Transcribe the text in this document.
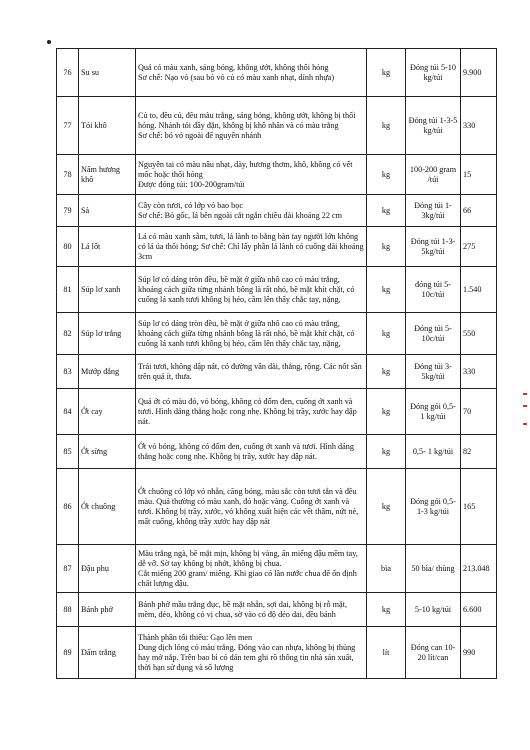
76	Su su	Quả có màu xanh, sáng bóng, không ướt, không thối hỏng
Sơ chế: Nạo vỏ (sau bỏ vỏ củ có màu xanh nhạt, dính nhựa)	kg	Đóng túi 5-10 kg/túi	9.900
77	Tỏi khô	Củ to, đều củ, đều màu trắng, sáng bóng, không ướt, không bị thối hỏng. Nhánh tỏi đầy đặn, không bị khô nhăn và có màu trắng
Sơ chế: bó vỏ ngoài để nguyên nhánh	kg	Đóng túi 1-3-5 kg/túi	330
78	Nấm hương khô	Nguyên tai có màu nâu nhạt, dày, hương thơm, khô, không có vết mốc hoặc thối hỏng
Được đóng túi: 100-200gram/túi	kg	100-200 gram /túi	15
79	Sả	Cây còn tươi, có lớp vỏ bao bọc
Sơ chế: Bỏ gốc, lá bên ngoài cắt ngắn chiều dài khoảng 22 cm	kg	Đóng túi 1-3kg/túi	66
80	Lá lốt	Lá có màu xanh sẫm, tươi, lá lành to bằng bàn tay người lớn không có lá úa thối hỏng; Sơ chế: Chỉ lấy phần lá lành có cuống dài khoảng 3cm	kg	Đóng túi 1-3-5kg/túi	275
81	Súp lơ xanh	Súp lơ có dáng tròn đều, bề mặt ở giữa nhô cao có màu trắng, khoảng cách giữa từng nhánh bông là rất nhỏ, bề mặt khít chặt, có cuống lá xanh tươi không bị héo, cầm lên thấy chắc tay, nặng,	kg	đóng túi 5-10c/túi	1.540
82	Súp lơ trắng	Súp lơ có dáng tròn đều, bề mặt ở giữa nhô cao có màu trắng, khoảng cách giữa từng nhánh bông là rất nhỏ, bề mặt khít chặt, có cuống lá xanh tươi không bị héo, cầm lên thấy chắc tay, nặng,	kg	Đóng túi 5-10c/túi	550
83	Mướp đắng	Trái tươi, không dập nát, có đường vân dài, thẳng, rộng. Các nốt sần trên quả ít, thưa.	kg	Đóng túi 3-5kg/túi	330
84	Ớt cay	Quả ớt có màu đỏ, vỏ bóng, không có đốm đen, cuống ớt xanh và tươi. Hình dáng thẳng hoặc cong nhẹ. Không bị trầy, xước hay dập nát.	kg	Đóng gói 0,5- 1 kg/túi	70
85	Ớt sừng	Ớt vỏ bóng, không có đốm đen, cuống ớt xanh và tươi. Hình dáng thẳng hoặc cong nhẹ. Không bị trầy, xước hay dập nát.	kg	0,5- 1 kg/túi	82
86	Ớt chuông	Ớt chuông có lớp vỏ nhẵn, căng bóng, màu sắc còn tươi tắn và đều màu. Quả thường có màu xanh, đỏ hoặc vàng. Cuống ớt xanh và tươi. Không bị trầy, xước, vỏ không xuất hiện các vết thâm, nứt nẻ, mất cuống, không trầy xước hay dập nát	kg	Đóng gói 0,5- 1-3 kg/túi	165
87	Đậu phụ	Màu trắng ngà, bề mặt mịn, không bị vàng, ấn miếng đậu mềm tay, dễ vỡ. Sờ tay không bị nhớt, không bị chua.
Cắt miếng 200 gram/ miếng. Khi giao có lần nước chua để ổn định chất lượng đậu.	bìa	50 bìa/ thùng	213.048
88	Bánh phở	Bánh phở mầu trắng đục, bề mặt nhẵn, sợi dai, không bị rỗ mặt, mềm, dẻo, không có vị chua, sờ vào có độ dẻo dai, đều bánh	kg	5-10 kg/túi	6.600
89	Dấm trắng	Thành phần tối thiểu: Gạo lên men
Dung dịch lỏng có màu trắng. Đóng vào can nhựa, không bị thủng hay mở nắp. Trên bao bì có dán tem ghi rõ thông tin nhà sản xuất, thời hạn sử dụng và số lượng	lít	Đóng can 10-20 lít/can	990
